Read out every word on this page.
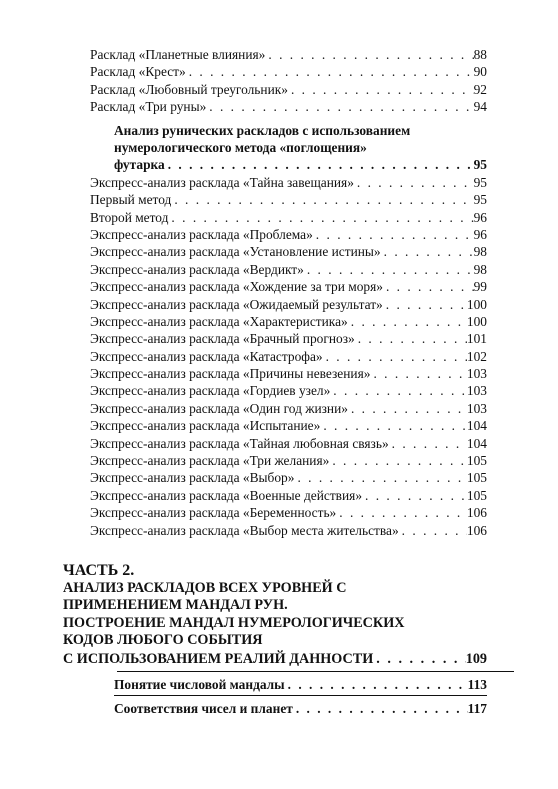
Расклад «Планетные влияния» . . .	88
Расклад «Крест» . . .	90
Расклад «Любовный треугольник» . . .	92
Расклад «Три руны» . . .	94
Анализ рунических раскладов с использованием
нумерологического метода «поглощения»
футарка . . .	95
Экспресс-анализ расклада «Тайна завещания» . . .	95
Первый метод . . .	95
Второй метод . . .	96
Экспресс-анализ расклада «Проблема» . . .	96
Экспресс-анализ расклада «Установление истины» . . .	98
Экспресс-анализ расклада «Вердикт» . . .	98
Экспресс-анализ расклада «Хождение за три моря» . . .	99
Экспресс-анализ расклада «Ожидаемый результат» . . .	100
Экспресс-анализ расклада «Характеристика» . . .	100
Экспресс-анализ расклада «Брачный прогноз» . . .	101
Экспресс-анализ расклада «Катастрофа» . . .	102
Экспресс-анализ расклада «Причины невезения» . . .	103
Экспресс-анализ расклада «Гордиев узел» . . .	103
Экспресс-анализ расклада «Один год жизни» . . .	103
Экспресс-анализ расклада «Испытание» . . .	104
Экспресс-анализ расклада «Тайная любовная связь» . . .	104
Экспресс-анализ расклада «Три желания» . . .	105
Экспресс-анализ расклада «Выбор» . . .	105
Экспресс-анализ расклада «Военные действия» . . .	105
Экспресс-анализ расклада «Беременность» . . .	106
Экспресс-анализ расклада «Выбор места жительства» . . .	106
ЧАСТЬ 2.
АНАЛИЗ РАСКЛАДОВ ВСЕХ УРОВНЕЙ С
ПРИМЕНЕНИЕМ МАНДАЛ РУН.
ПОСТРОЕНИЕ МАНДАЛ НУМЕРОЛОГИЧЕСКИХ
КОДОВ ЛЮБОГО СОБЫТИЯ
С ИСПОЛЬЗОВАНИЕМ РЕАЛИЙ ДАННОСТИ . . .	109
Понятие числовой мандалы . . .	113
Соответствия чисел и планет . . .	117
